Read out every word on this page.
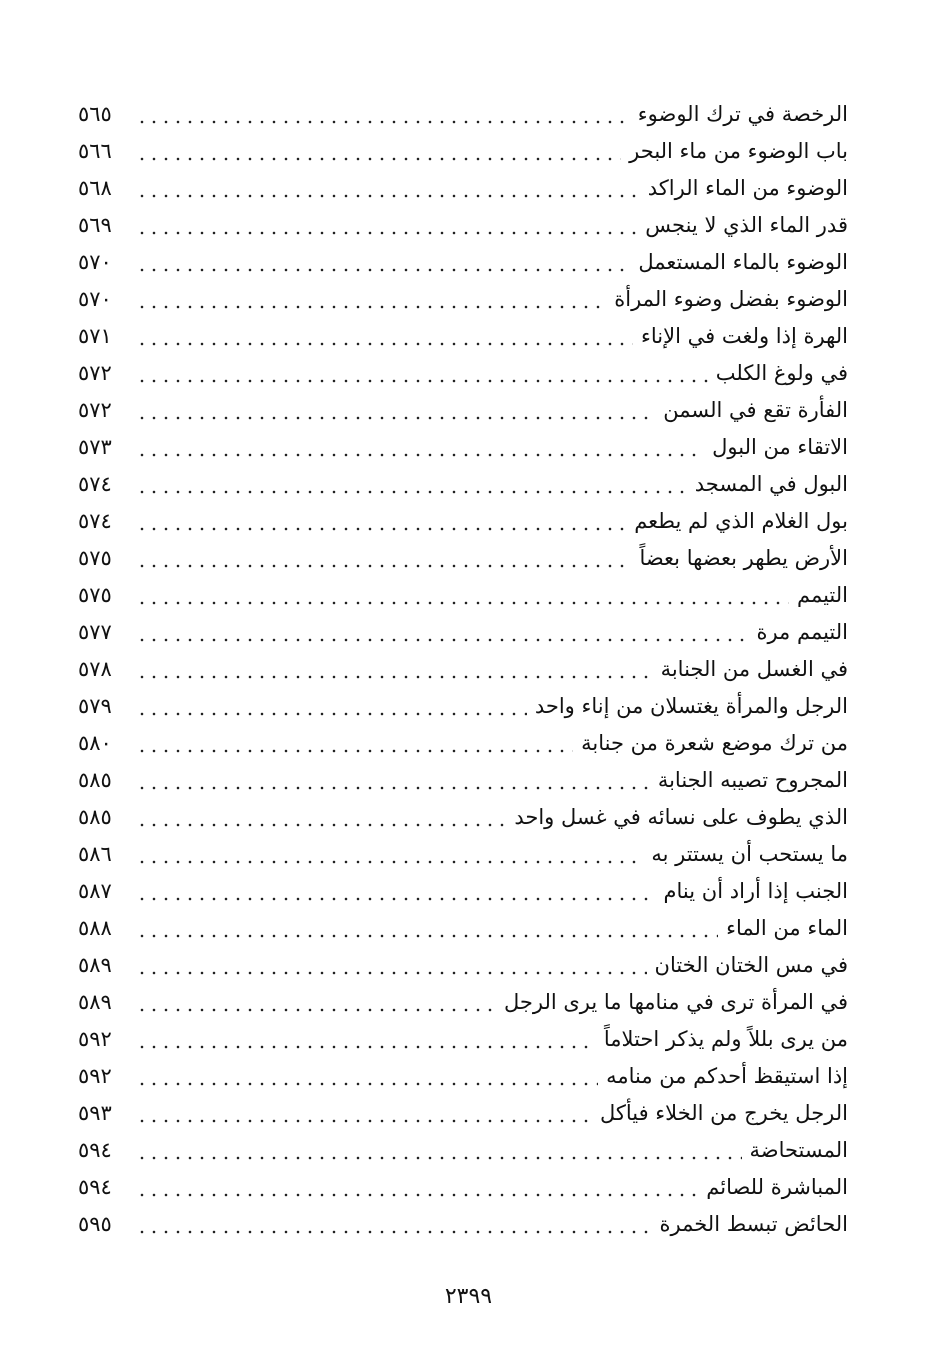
الرخصة في ترك الوضوء
٥٦٥
باب الوضوء من ماء البحر
٥٦٦
الوضوء من الماء الراكد
٥٦٨
قدر الماء الذي لا ينجس
٥٦٩
الوضوء بالماء المستعمل
٥٧٠
الوضوء بفضل وضوء المرأة
٥٧٠
الهرة إذا ولغت في الإناء
٥٧١
في ولوغ الكلب
٥٧٢
الفأرة تقع في السمن
٥٧٢
الاتقاء من البول
٥٧٣
البول في المسجد
٥٧٤
بول الغلام الذي لم يطعم
٥٧٤
الأرض يطهر بعضها بعضاً
٥٧٥
التيمم
٥٧٥
التيمم مرة
٥٧٧
في الغسل من الجنابة
٥٧٨
الرجل والمرأة يغتسلان من إناء واحد
٥٧٩
من ترك موضع شعرة من جنابة
٥٨٠
المجروح تصيبه الجنابة
٥٨٥
الذي يطوف على نسائه في غسل واحد
٥٨٥
ما يستحب أن يستتر به
٥٨٦
الجنب إذا أراد أن ينام
٥٨٧
الماء من الماء
٥٨٨
في مس الختان الختان
٥٨٩
في المرأة ترى في منامها ما يرى الرجل
٥٨٩
من يرى بللاً ولم يذكر احتلاماً
٥٩٢
إذا استيقظ أحدكم من منامه
٥٩٢
الرجل يخرج من الخلاء فيأكل
٥٩٣
المستحاضة
٥٩٤
المباشرة للصائم
٥٩٤
الحائض تبسط الخمرة
٥٩٥
٢٣٩٩
